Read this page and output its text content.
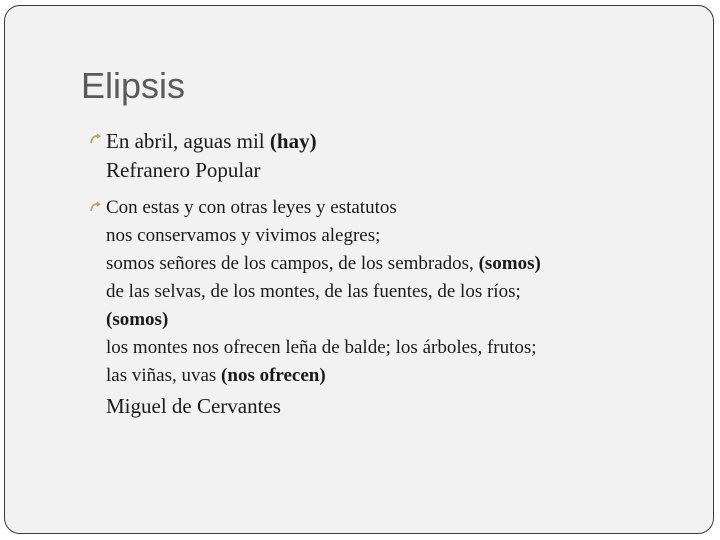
Elipsis
En abril, aguas mil (hay)
Refranero Popular
Con estas y con otras leyes y estatutos
nos conservamos y vivimos alegres;
somos señores de los campos, de los sembrados, (somos)
de las selvas, de los montes, de las fuentes, de los ríos;
(somos)
los montes nos ofrecen leña de balde; los árboles, frutos;
las viñas, uvas (nos ofrecen)
Miguel de Cervantes
